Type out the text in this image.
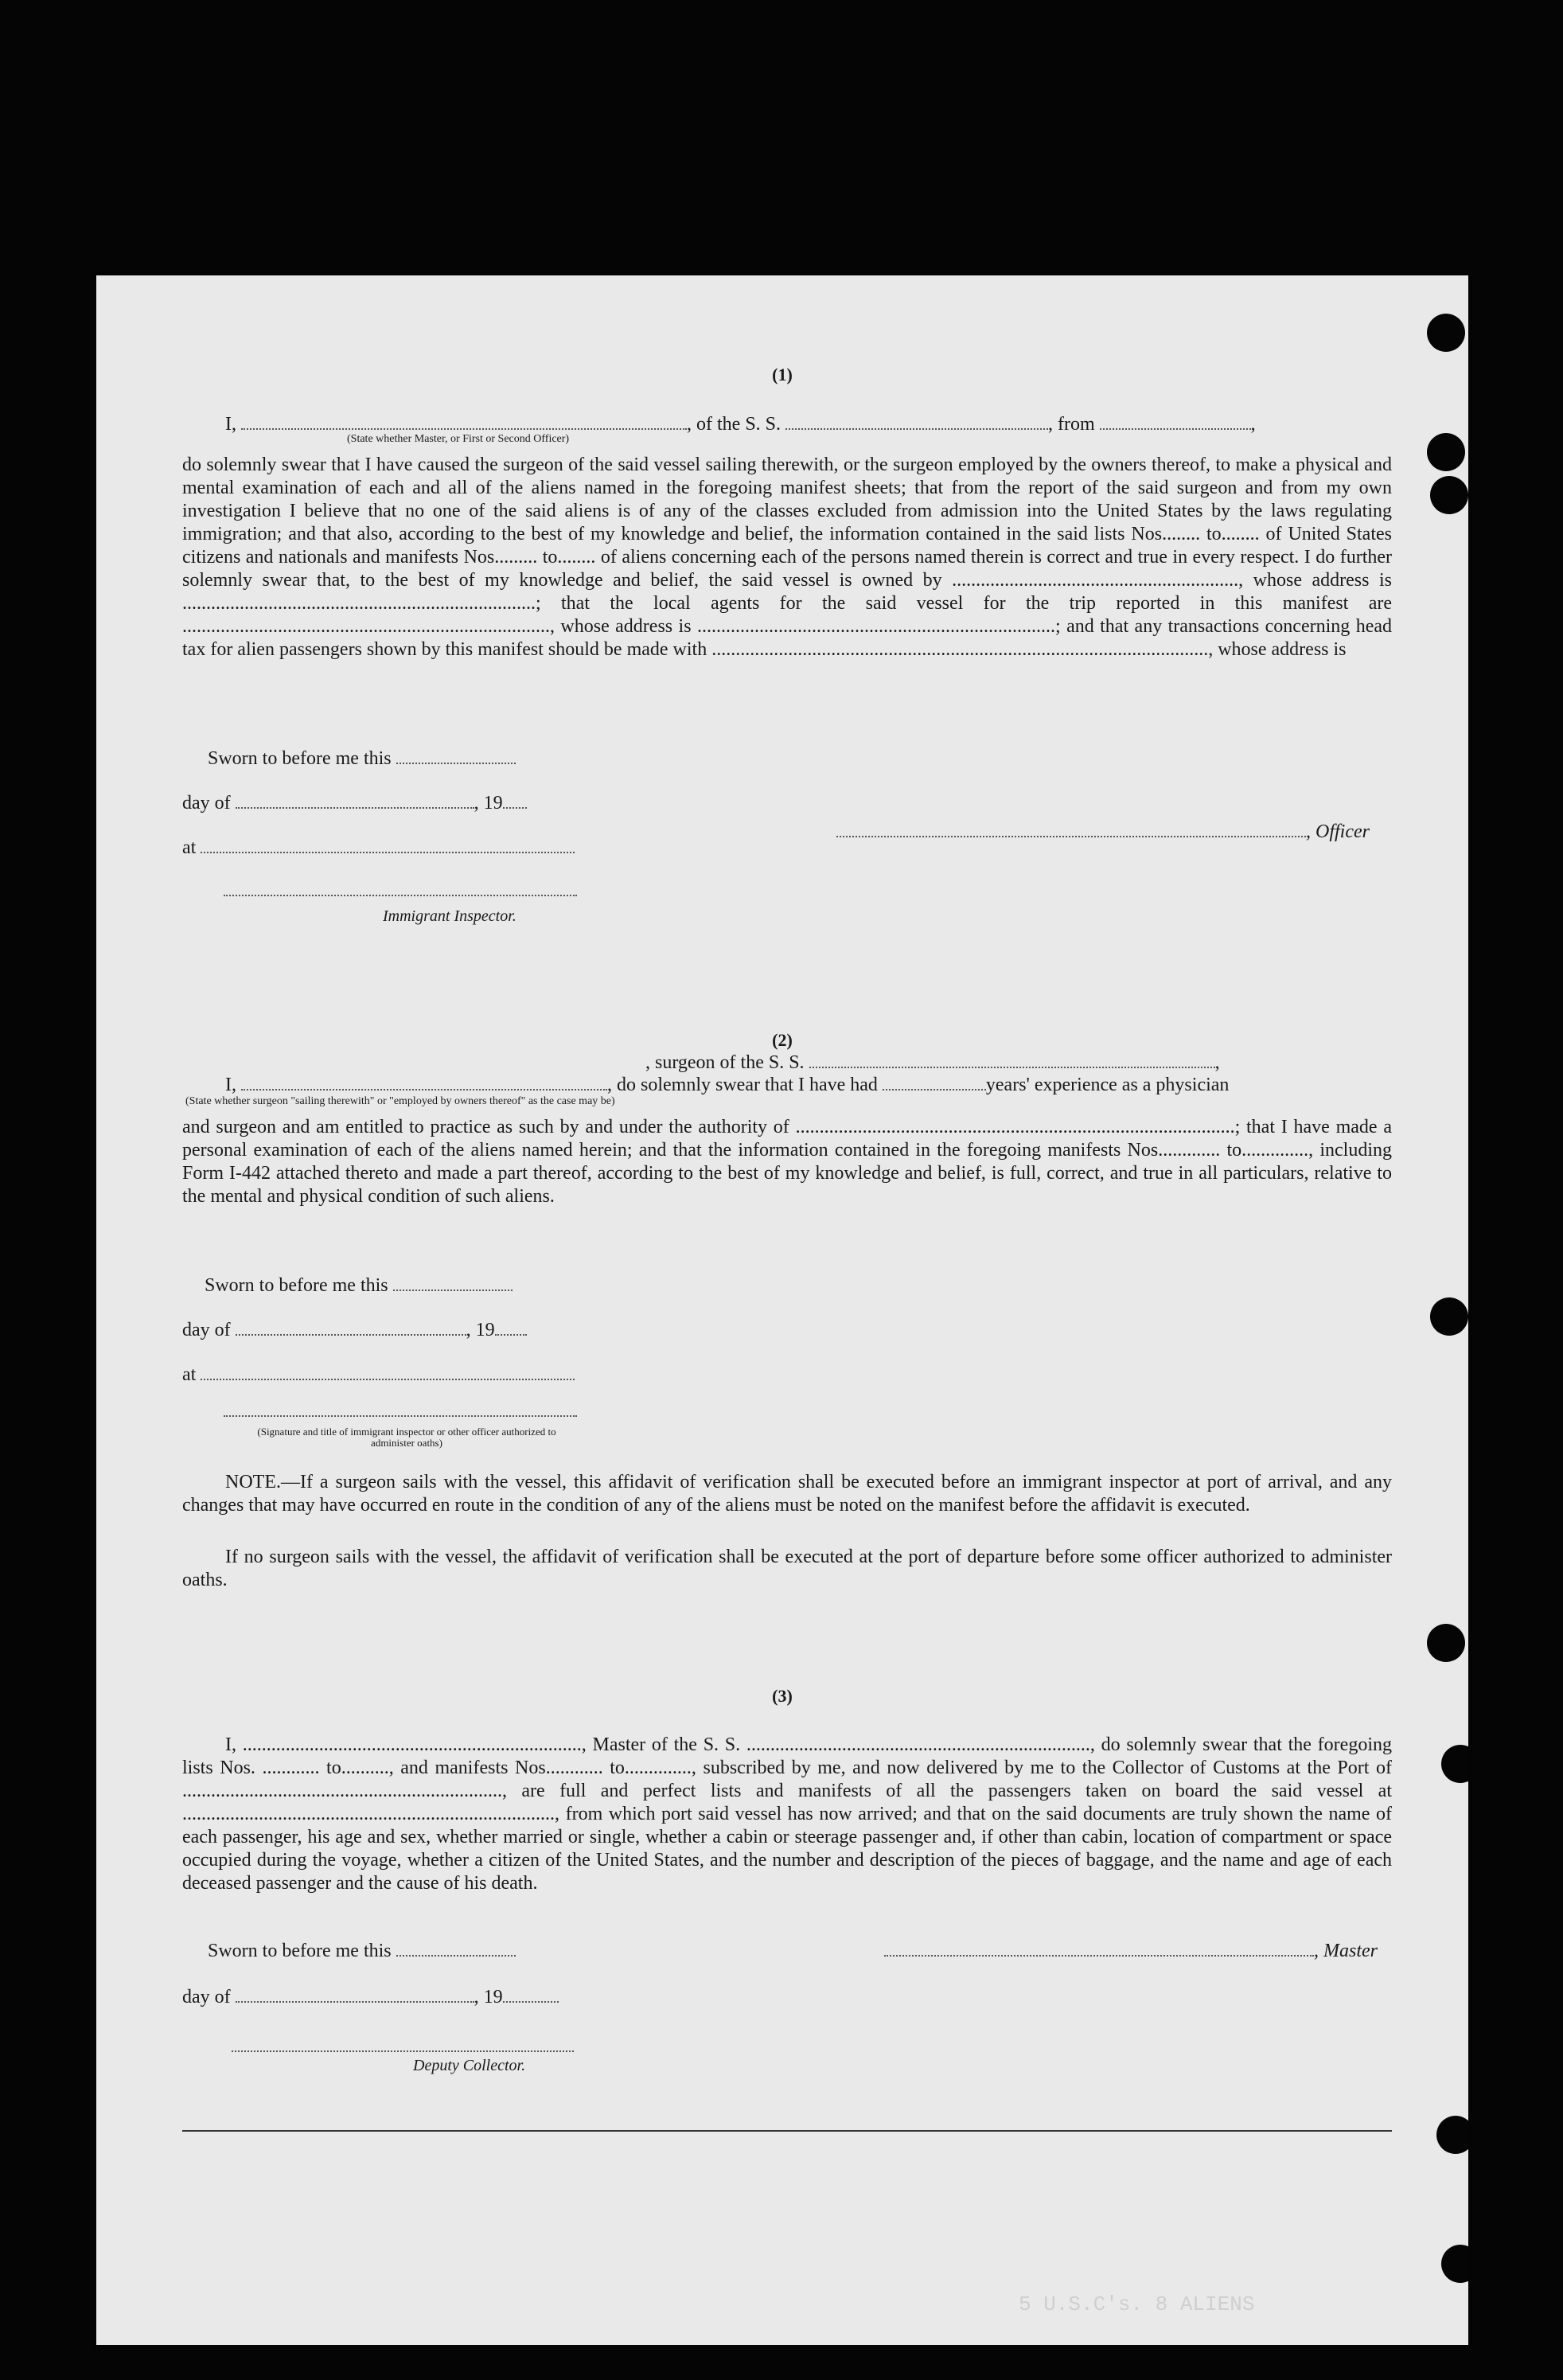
(1)
I,	, of the S. S.	, from	,
(State whether Master, or First or Second Officer)

do solemnly swear that I have caused the surgeon of the said vessel sailing therewith, or the surgeon employed by the owners thereof, to make a physical and mental examination of each and all of the aliens named in the foregoing manifest sheets; that from the report of the said surgeon and from my own investigation I believe that no one of the said aliens is of any of the classes excluded from admission into the United States by the laws regulating immigration; and that also, according to the best of my knowledge and belief, the information contained in the said lists Nos........ to........ of United States citizens and nationals and manifests Nos......... to........ of aliens concerning each of the persons named therein is correct and true in every respect. I do further solemnly swear that, to the best of my knowledge and belief, the said vessel is owned by ............................................................, whose address is ..........................................................................; that the local agents for the said vessel for the trip reported in this manifest are ............................................................................., whose address is ...........................................................................; and that any transactions concerning head tax for alien passengers shown by this manifest should be made with ........................................................................................................, whose address is

Sworn to before me this
day of	, 19
at
, Officer
Immigrant Inspector.
(2)
I,	, do solemnly swear that I have had	years' experience as a physician
, surgeon of the S. S.	,
(State whether surgeon "sailing therewith" or "employed by owners thereof" as the case may be)

and surgeon and am entitled to practice as such by and under the authority of ............................................................................................; that I have made a personal examination of each of the aliens named herein; and that the information contained in the foregoing manifests Nos............. to.............., including Form I-442 attached thereto and made a part thereof, according to the best of my knowledge and belief, is full, correct, and true in all particulars, relative to the mental and physical condition of such aliens.

Sworn to before me this
day of	, 19
at
(Signature and title of immigrant inspector or other officer authorized to administer oaths)

NOTE.—If a surgeon sails with the vessel, this affidavit of verification shall be executed before an immigrant inspector at port of arrival, and any changes that may have occurred en route in the condition of any of the aliens must be noted on the manifest before the affidavit is executed.

If no surgeon sails with the vessel, the affidavit of verification shall be executed at the port of departure before some officer authorized to administer oaths.

(3)

I, ......................................................................., Master of the S. S. ........................................................................, do solemnly swear that the foregoing lists Nos. ............ to.........., and manifests Nos............ to.............., subscribed by me, and now delivered by me to the Collector of Customs at the Port of ..................................................................., are full and perfect lists and manifests of all the passengers taken on board the said vessel at .............................................................................., from which port said vessel has now arrived; and that on the said documents are truly shown the name of each passenger, his age and sex, whether married or single, whether a cabin or steerage passenger and, if other than cabin, location of compartment or space occupied during the voyage, whether a citizen of the United States, and the number and description of the pieces of baggage, and the name and age of each deceased passenger and the cause of his death.

Sworn to before me this	, Master
day of	, 19
Deputy Collector.
5 U.S.C's. 8 ALIENS
